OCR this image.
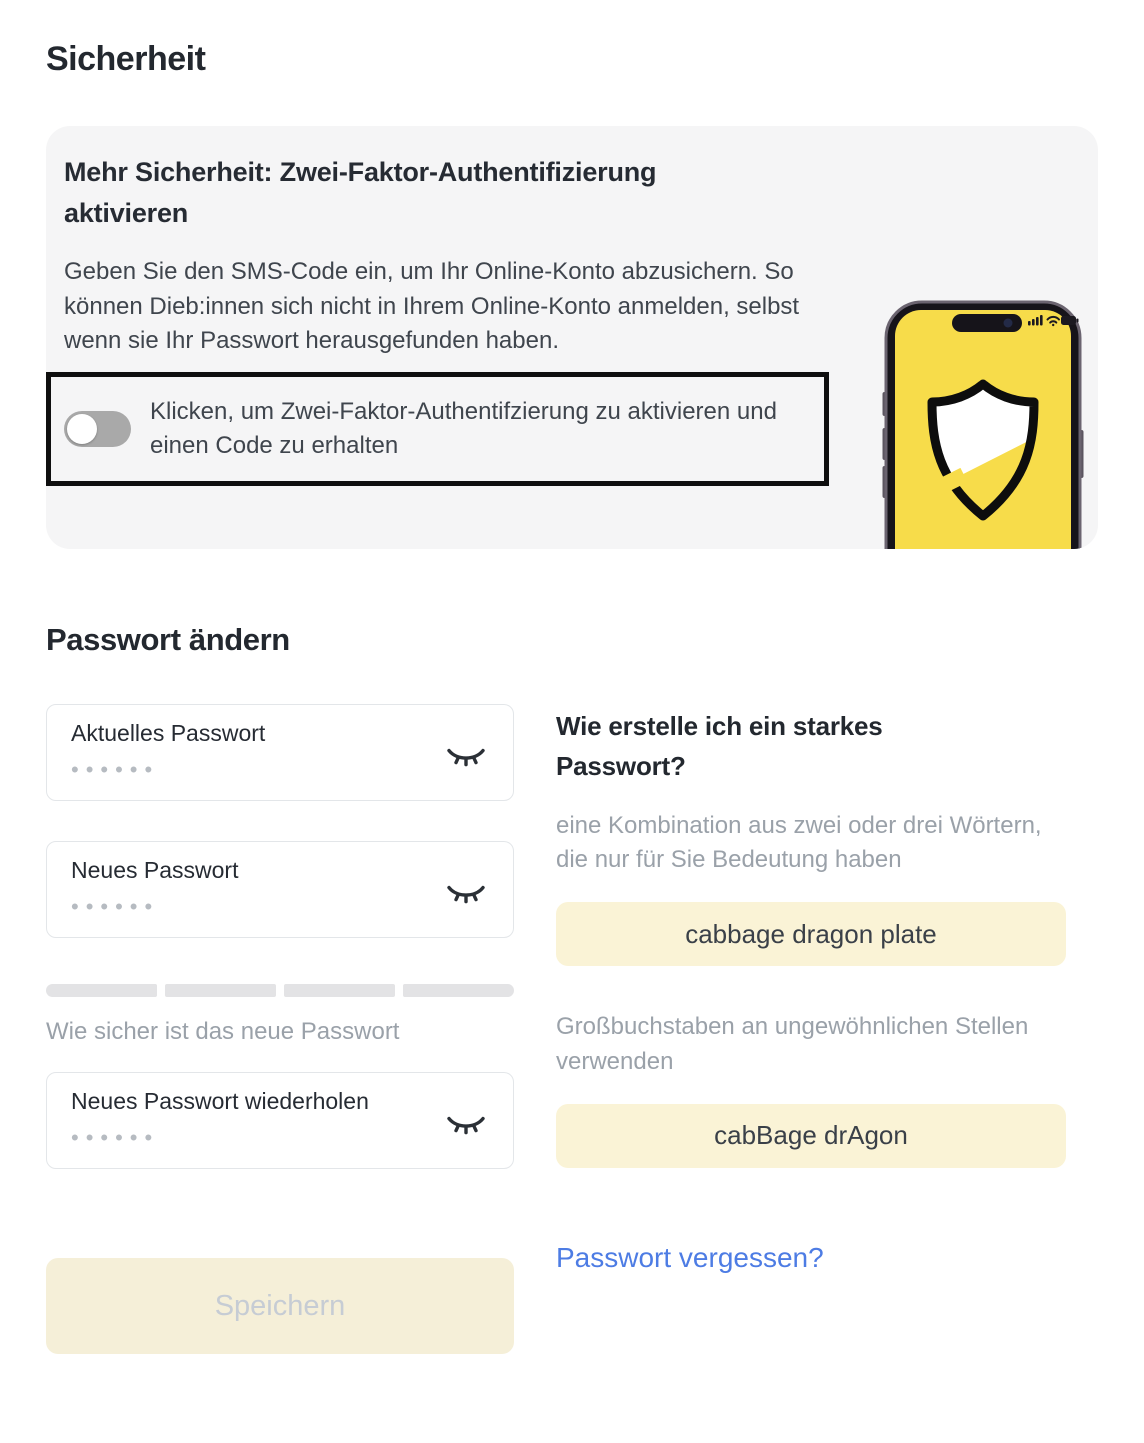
Sicherheit
Mehr Sicherheit: Zwei-Faktor-Authentifizierung aktivieren

Geben Sie den SMS-Code ein, um Ihr Online-Konto abzusichern. So können Dieb:innen sich nicht in Ihrem Online-Konto anmelden, selbst wenn sie Ihr Passwort herausgefunden haben.

Klicken, um Zwei-Faktor-Authentifzierung zu aktivieren und einen Code zu erhalten
Passwort ändern
Aktuelles Passwort
••••••
Neues Passwort
••••••
Wie sicher ist das neue Passwort
Neues Passwort wiederholen
••••••
Speichern
Wie erstelle ich ein starkes Passwort?

eine Kombination aus zwei oder drei Wörtern, die nur für Sie Bedeutung haben

cabbage dragon plate

Großbuchstaben an ungewöhnlichen Stellen verwenden

cabBage drAgon
Passwort vergessen?
